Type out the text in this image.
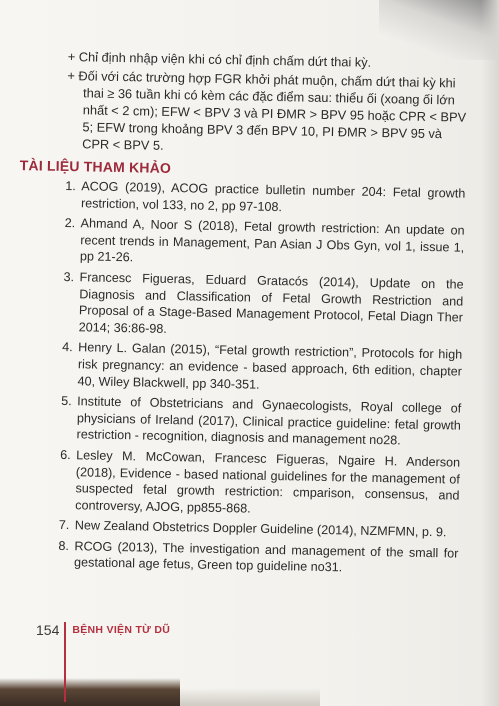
+ Chỉ định nhập viện khi có chỉ định chấm dứt thai kỳ.

+ Đối với các trường hợp FGR khởi phát muộn, chấm dứt thai kỳ khi thai ≥ 36 tuần khi có kèm các đặc điểm sau: thiểu ối (xoang ối lớn nhất < 2 cm); EFW < BPV 3 và PI ĐMR > BPV 95 hoặc CPR < BPV 5; EFW trong khoảng BPV 3 đến BPV 10, PI ĐMR > BPV 95 và CPR < BPV 5.

TÀI LIỆU THAM KHẢO
1. ACOG (2019), ACOG practice bulletin number 204: Fetal growth restriction, vol 133, no 2, pp 97-108.
2. Ahmand A, Noor S (2018), Fetal growth restriction: An update on recent trends in Management, Pan Asian J Obs Gyn, vol 1, issue 1, pp 21-26.
3. Francesc Figueras, Eduard Gratacós (2014), Update on the Diagnosis and Classification of Fetal Growth Restriction and Proposal of a Stage-Based Management Protocol, Fetal Diagn Ther 2014; 36:86-98.
4. Henry L. Galan (2015), “Fetal growth restriction”, Protocols for high risk pregnancy: an evidence - based approach, 6th edition, chapter 40, Wiley Blackwell, pp 340-351.
5. Institute of Obstetricians and Gynaecologists, Royal college of physicians of Ireland (2017), Clinical practice guideline: fetal growth restriction - recognition, diagnosis and management no28.
6. Lesley M. McCowan, Francesc Figueras, Ngaire H. Anderson (2018), Evidence - based national guidelines for the management of suspected fetal growth restriction: cmparison, consensus, and controversy, AJOG, pp855-868.
7. New Zealand Obstetrics Doppler Guideline (2014), NZMFMN, p. 9.
8. RCOG (2013), The investigation and management of the small for gestational age fetus, Green top guideline no31.
154 BỆNH VIỆN TỪ DŨ
